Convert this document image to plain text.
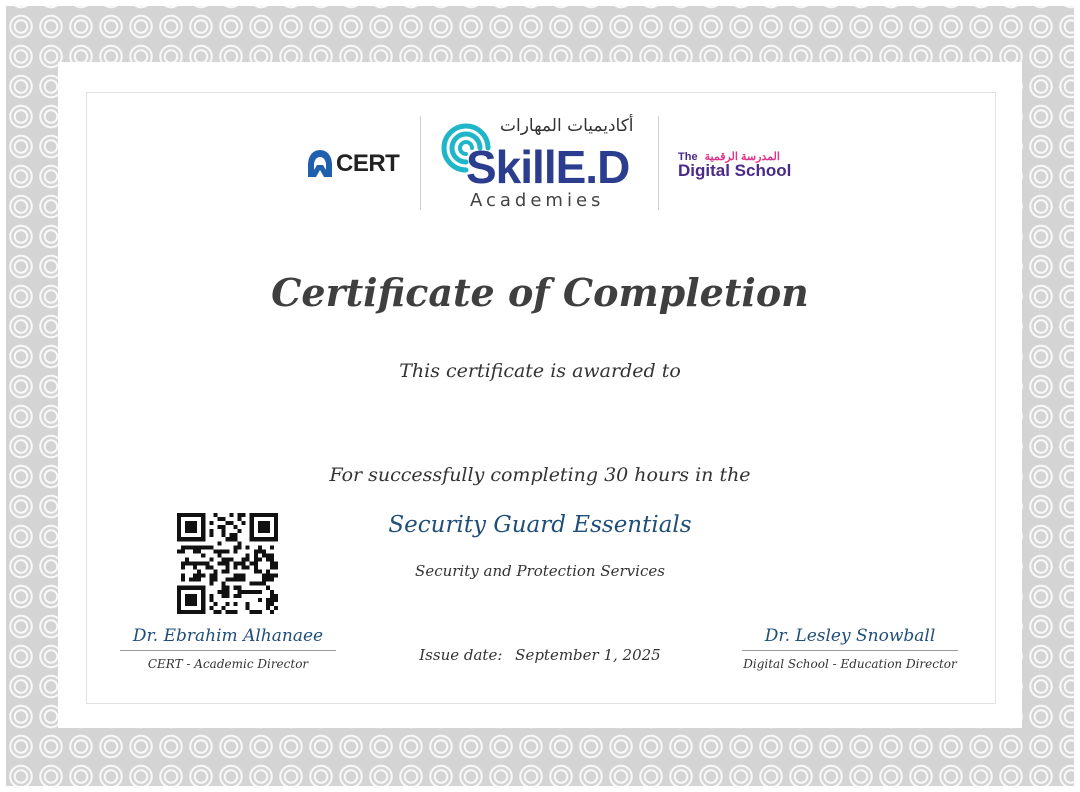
CERT
أكاديميات المهارات
SkillE.D
Academies
The المدرسة الرقمية
Digital School
Certificate of Completion
This certificate is awarded to
For successfully completing 30 hours in the
Security Guard Essentials
Security and Protection Services
Dr. Ebrahim Alhanaee
CERT - Academic Director	Issue date: September 1, 2025
Dr. Lesley Snowball
Digital School - Education Director
